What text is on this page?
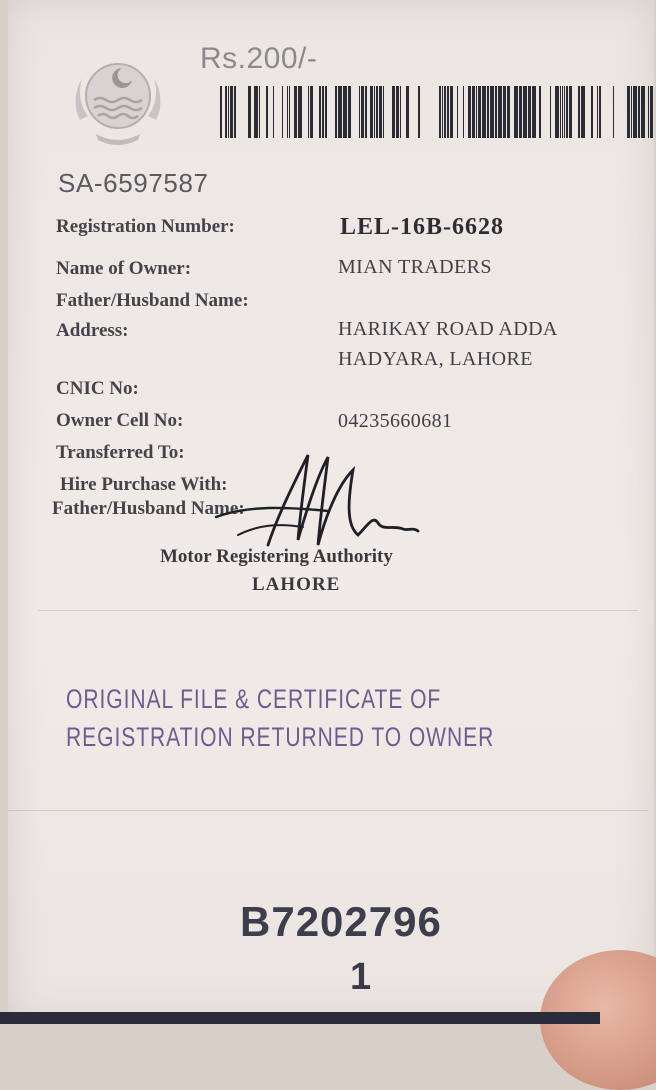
Rs.200/-
SA-6597587
Registration Number:	LEL-16B-6628
Name of Owner:	MIAN TRADERS
Father/Husband Name:
Address:	HARIKAY ROAD ADDA
HADYARA, LAHORE
CNIC No:
Owner Cell No:	04235660681
Transferred To:
Hire Purchase With:
Father/Husband Name:
Motor Registering Authority
LAHORE
ORIGINAL FILE & CERTIFICATE OF
REGISTRATION RETURNED TO OWNER
B7202796
1
